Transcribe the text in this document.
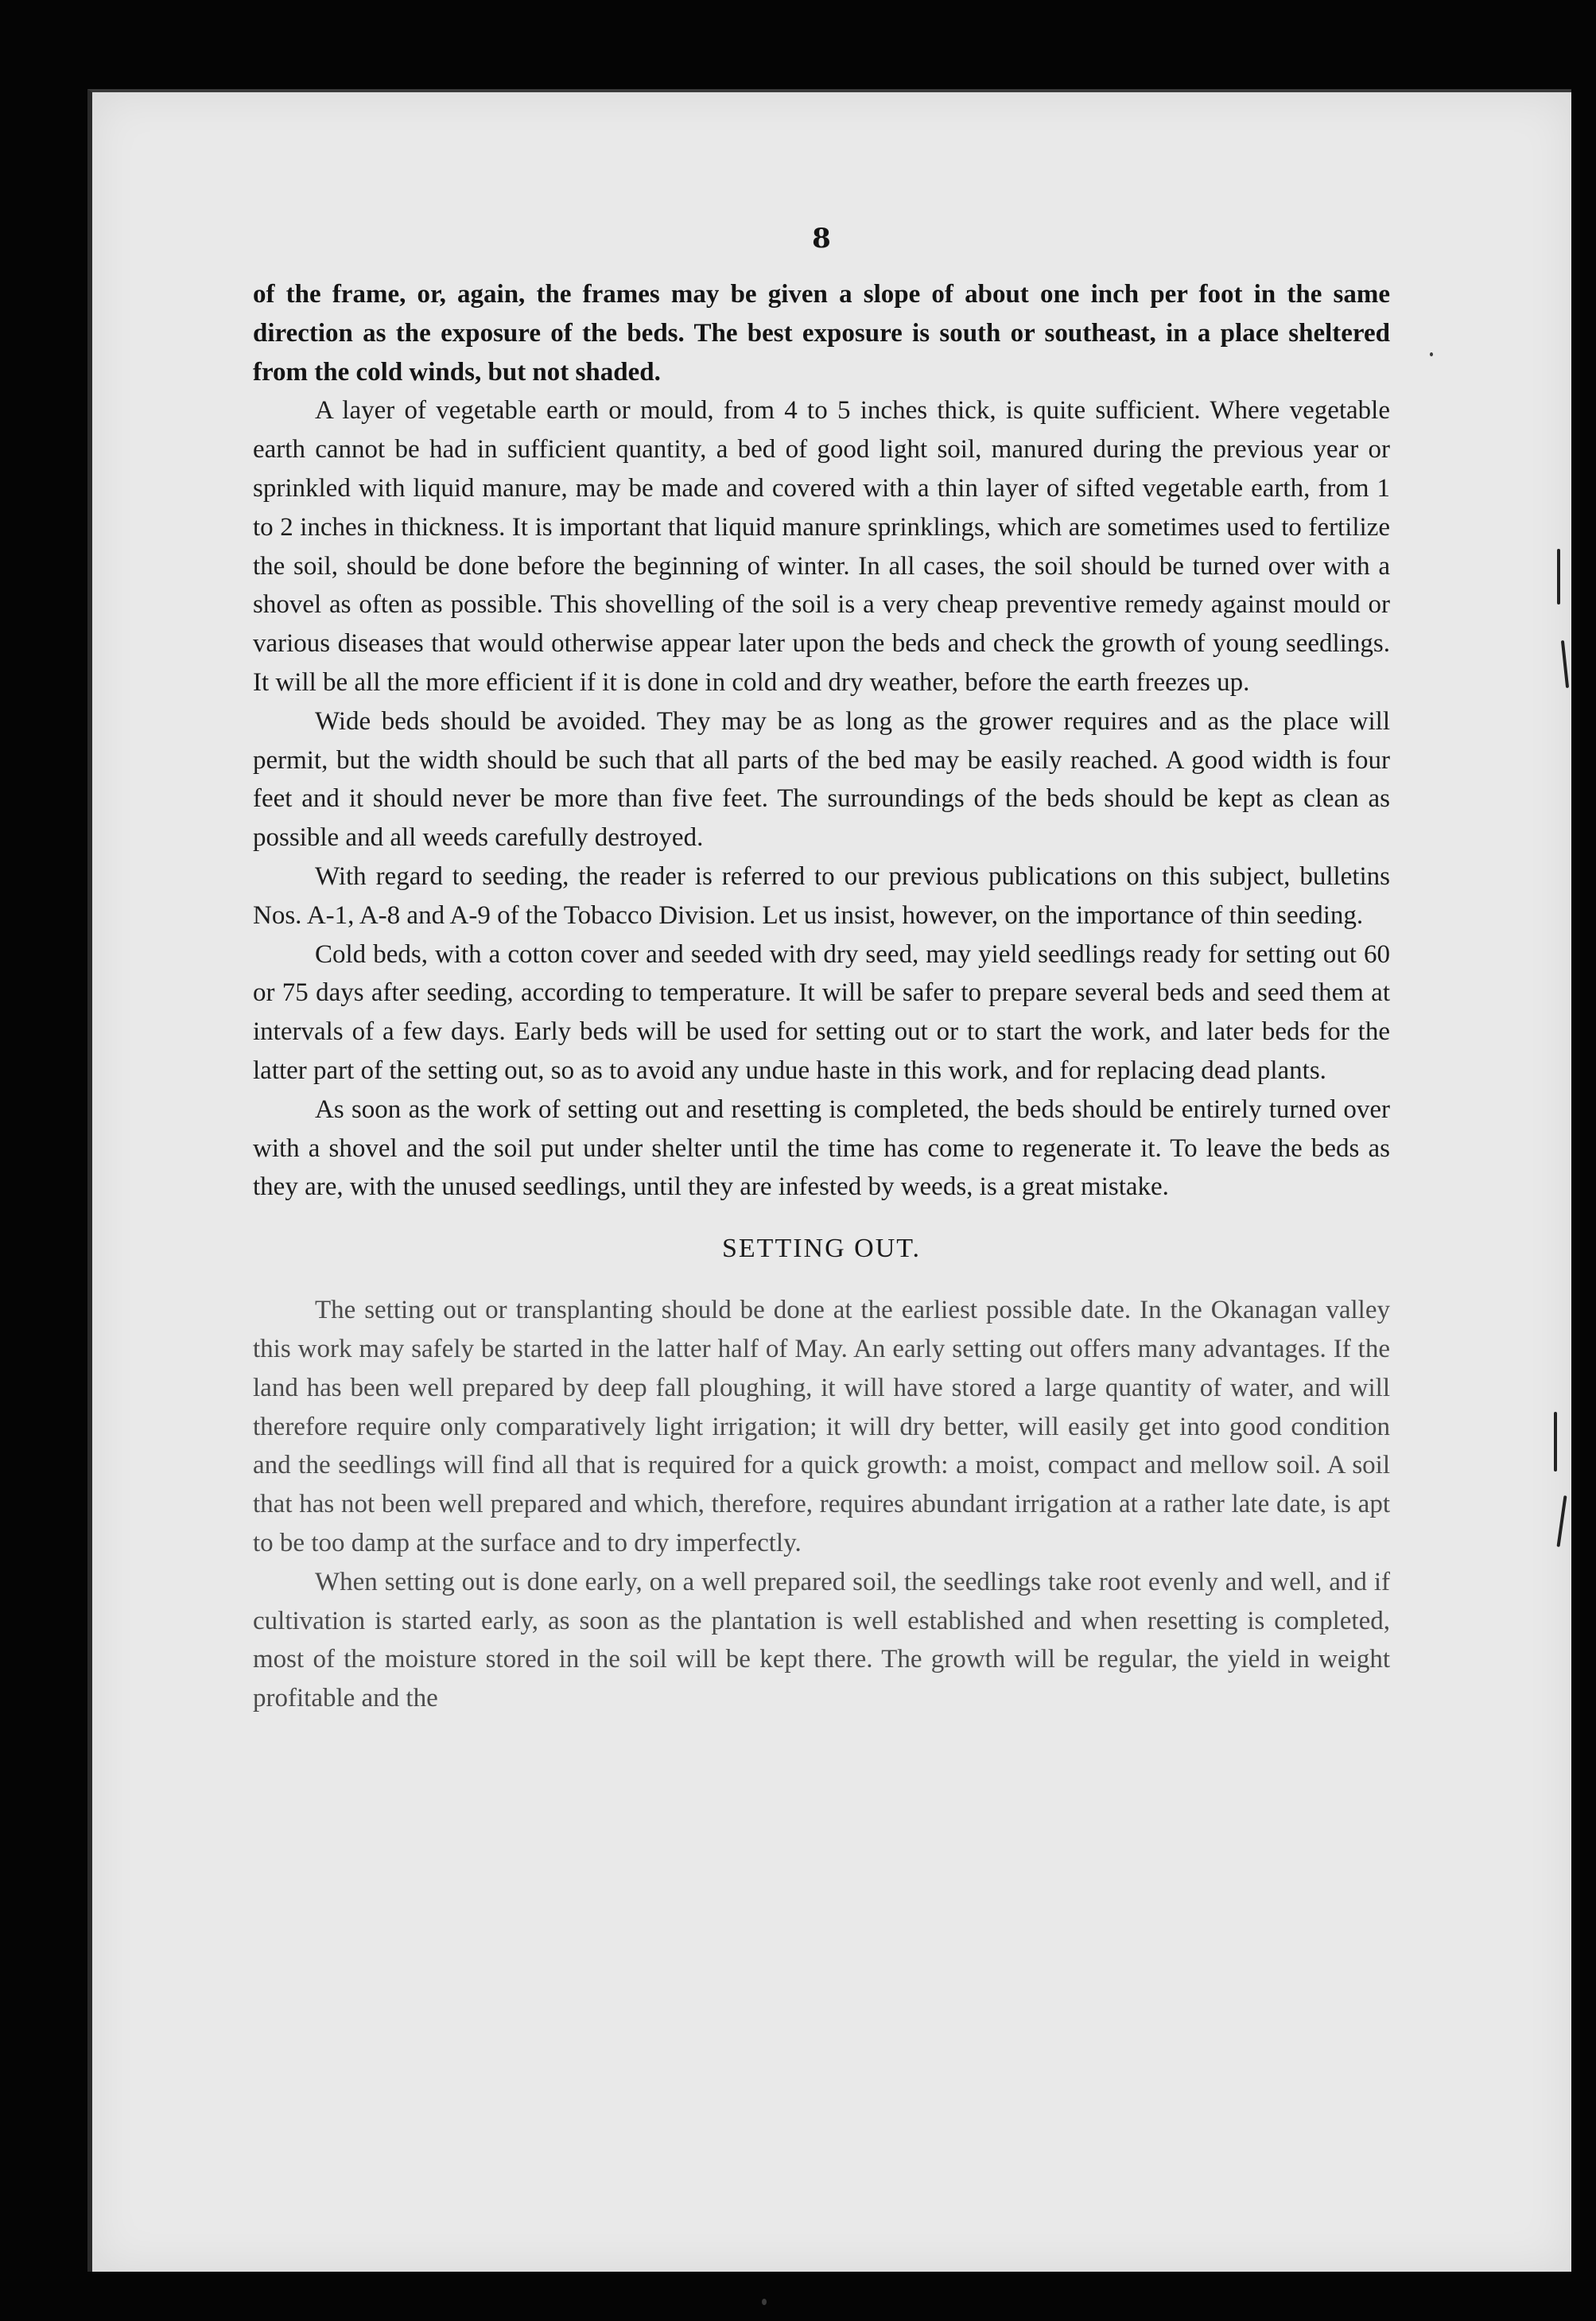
8

of the frame, or, again, the frames may be given a slope of about one inch per foot in the same direction as the exposure of the beds. The best exposure is south or southeast, in a place sheltered from the cold winds, but not shaded.

A layer of vegetable earth or mould, from 4 to 5 inches thick, is quite sufficient. Where vegetable earth cannot be had in sufficient quantity, a bed of good light soil, manured during the previous year or sprinkled with liquid manure, may be made and covered with a thin layer of sifted vegetable earth, from 1 to 2 inches in thickness. It is important that liquid manure sprinklings, which are sometimes used to fertilize the soil, should be done before the beginning of winter. In all cases, the soil should be turned over with a shovel as often as possible. This shovelling of the soil is a very cheap preventive remedy against mould or various diseases that would otherwise appear later upon the beds and check the growth of young seedlings. It will be all the more efficient if it is done in cold and dry weather, before the earth freezes up.

Wide beds should be avoided. They may be as long as the grower requires and as the place will permit, but the width should be such that all parts of the bed may be easily reached. A good width is four feet and it should never be more than five feet. The surroundings of the beds should be kept as clean as possible and all weeds carefully destroyed.

With regard to seeding, the reader is referred to our previous publications on this subject, bulletins Nos. A-1, A-8 and A-9 of the Tobacco Division. Let us insist, however, on the importance of thin seeding.

Cold beds, with a cotton cover and seeded with dry seed, may yield seedlings ready for setting out 60 or 75 days after seeding, according to temperature. It will be safer to prepare several beds and seed them at intervals of a few days. Early beds will be used for setting out or to start the work, and later beds for the latter part of the setting out, so as to avoid any undue haste in this work, and for replacing dead plants.

As soon as the work of setting out and resetting is completed, the beds should be entirely turned over with a shovel and the soil put under shelter until the time has come to regenerate it. To leave the beds as they are, with the unused seedlings, until they are infested by weeds, is a great mistake.

SETTING OUT.

The setting out or transplanting should be done at the earliest possible date. In the Okanagan valley this work may safely be started in the latter half of May. An early setting out offers many advantages. If the land has been well prepared by deep fall ploughing, it will have stored a large quantity of water, and will therefore require only comparatively light irrigation; it will dry better, will easily get into good condition and the seedlings will find all that is required for a quick growth: a moist, compact and mellow soil. A soil that has not been well prepared and which, therefore, requires abundant irrigation at a rather late date, is apt to be too damp at the surface and to dry imperfectly.

When setting out is done early, on a well prepared soil, the seedlings take root evenly and well, and if cultivation is started early, as soon as the plantation is well established and when resetting is completed, most of the moisture stored in the soil will be kept there. The growth will be regular, the yield in weight profitable and the
